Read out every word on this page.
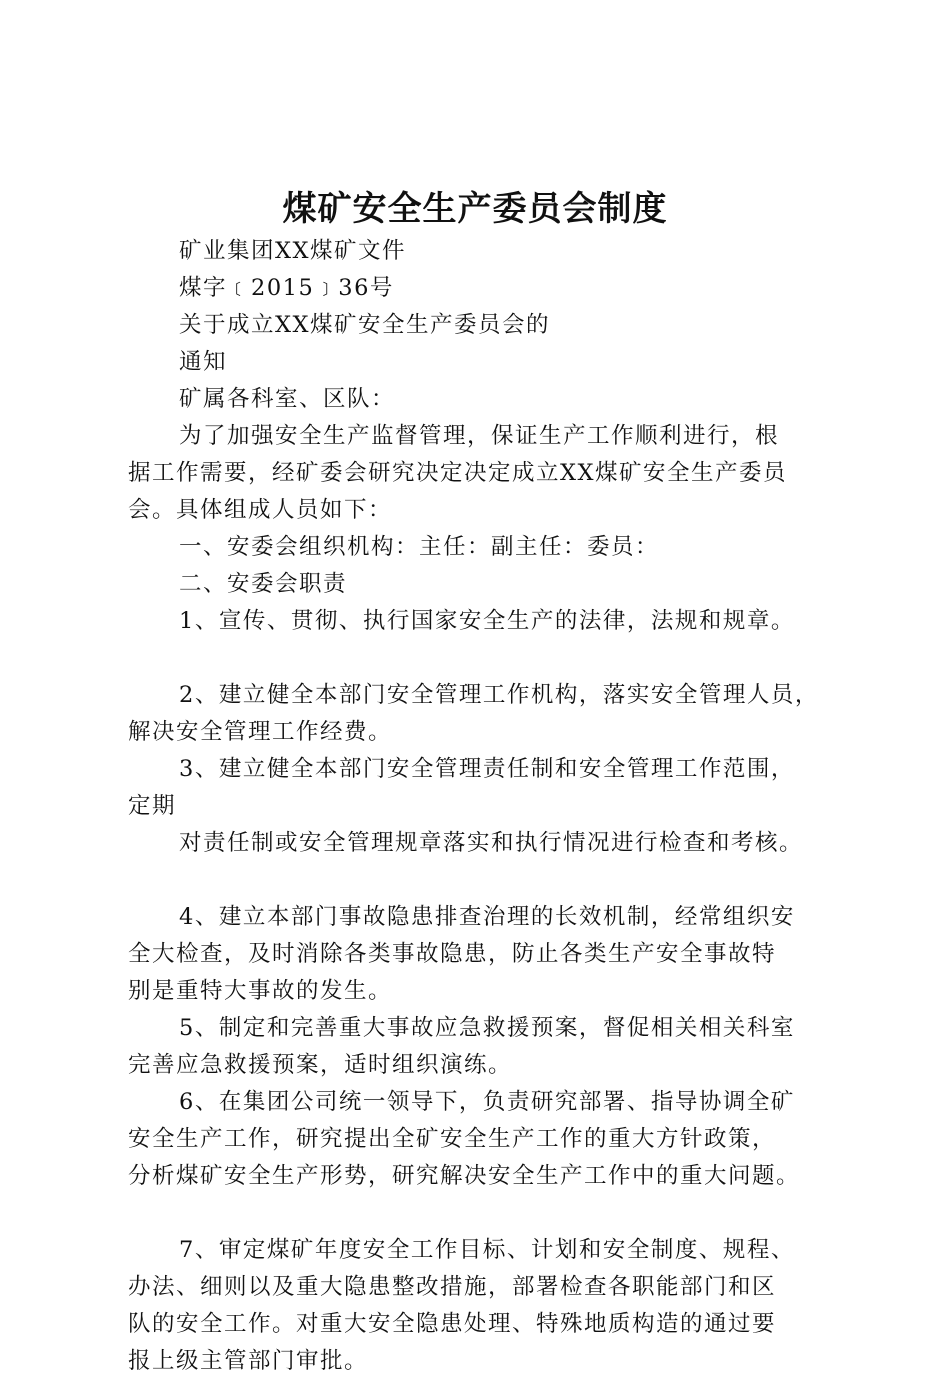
煤矿安全生产委员会制度
矿业集团XX煤矿文件
煤字﹝2015﹞36号
关于成立XX煤矿安全生产委员会的
通知
矿属各科室、区队：
为了加强安全生产监督管理，保证生产工作顺利进行，根
据工作需要，经矿委会研究决定决定成立XX煤矿安全生产委员
会。具体组成人员如下：
一、安委会组织机构：主任：副主任：委员：
二、安委会职责
1、宣传、贯彻、执行国家安全生产的法律，法规和规章。
2、建立健全本部门安全管理工作机构，落实安全管理人员，
解决安全管理工作经费。
3、建立健全本部门安全管理责任制和安全管理工作范围，
定期
对责任制或安全管理规章落实和执行情况进行检查和考核。
4、建立本部门事故隐患排查治理的长效机制，经常组织安
全大检查，及时消除各类事故隐患，防止各类生产安全事故特
别是重特大事故的发生。
5、制定和完善重大事故应急救援预案，督促相关相关科室
完善应急救援预案，适时组织演练。
6、在集团公司统一领导下，负责研究部署、指导协调全矿
安全生产工作，研究提出全矿安全生产工作的重大方针政策，
分析煤矿安全生产形势，研究解决安全生产工作中的重大问题。
7、审定煤矿年度安全工作目标、计划和安全制度、规程、
办法、细则以及重大隐患整改措施，部署检查各职能部门和区
队的安全工作。对重大安全隐患处理、特殊地质构造的通过要
报上级主管部门审批。
